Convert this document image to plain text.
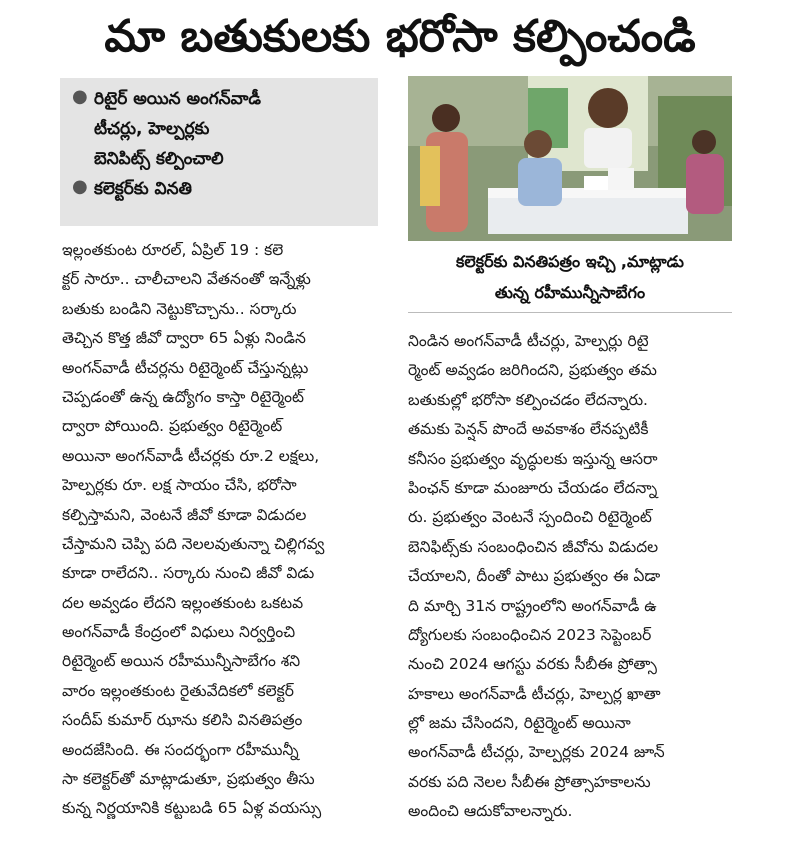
మా బతుకులకు భరోసా కల్పించండి
● రిటైర్ అయిన అంగన్‌వాడీ
టీచర్లు, హెల్పర్లకు
బెనిపిట్స్ కల్పించాలి
● కలెక్టర్‌కు వినతి
కలెక్టర్‌కు వినతిపత్రం ఇచ్చి ,మాట్లాడు
తున్న రహీమున్నీసాబేగం
ఇల్లంతకుంట రూరల్, ఏప్రిల్ 19 : కలె
క్టర్ సారూ.. చాలీచాలని వేతనంతో ఇన్నేళ్లు
బతుకు బండిని నెట్టుకొచ్చాను.. సర్కారు
తెచ్చిన కొత్త జీవో ద్వారా 65 ఏళ్లు నిండిన
అంగన్‌వాడీ టీచర్లను రిటైర్మెంట్ చేస్తున్నట్లు
చెప్పడంతో ఉన్న ఉద్యోగం కాస్తా రిటైర్మెంట్
ద్వారా పోయింది. ప్రభుత్వం రిటైర్మెంట్
అయినా అంగన్‌వాడీ టీచర్లకు రూ.2 లక్షలు,
హెల్పర్లకు రూ. లక్ష సాయం చేసి, భరోసా
కల్పిస్తామని, వెంటనే జీవో కూడా విడుదల
చేస్తామని చెప్పి పది నెలలవుతున్నా చిల్లిగవ్వ
కూడా రాలేదని.. సర్కారు నుంచి జీవో విడు
దల అవ్వడం లేదని ఇల్లంతకుంట ఒకటవ
అంగన్‌వాడీ కేంద్రంలో విధులు నిర్వర్తించి
రిటైర్మెంట్ అయిన రహీమున్నీసాబేగం శని
వారం ఇల్లంతకుంట రైతువేదికలో కలెక్టర్
సందీప్ కుమార్ ఝాను కలిసి వినతిపత్రం
అందజేసింది. ఈ సందర్భంగా రహీమున్నీ
సా కలెక్టర్‌తో మాట్లాడుతూ, ప్రభుత్వం తీసు
కున్న నిర్ణయానికి కట్టుబడి 65 ఏళ్ల వయస్సు
నిండిన అంగన్‌వాడీ టీచర్లు, హెల్పర్లు రిటై
ర్మెంట్ అవ్వడం జరిగిందని, ప్రభుత్వం తమ
బతుకుల్లో భరోసా కల్పించడం లేదన్నారు.
తమకు పెన్షన్ పొందే అవకాశం లేనప్పటికీ
కనీసం ప్రభుత్వం వృద్ధులకు ఇస్తున్న ఆసరా
పింఛన్ కూడా మంజూరు చేయడం లేదన్నా
రు. ప్రభుత్వం వెంటనే స్పందించి రిటైర్మెంట్
బెనిఫిట్స్‌కు సంబంధించిన జీవోను విడుదల
చేయాలని, దీంతో పాటు ప్రభుత్వం ఈ ఏడా
ది మార్చి 31న రాష్ట్రంలోని అంగన్‌వాడీ ఉ
ద్యోగులకు సంబంధించిన 2023 సెప్టెంబర్
నుంచి 2024 ఆగస్టు వరకు సీబీఈ ప్రోత్సా
హకాలు అంగన్‌వాడీ టీచర్లు, హెల్పర్ల ఖాతా
ల్లో జమ చేసిందని, రిటైర్మెంట్ అయినా
అంగన్‌వాడీ టీచర్లు, హెల్పర్లకు 2024 జూన్
వరకు పది నెలల సీబీఈ ప్రోత్సాహకాలను
అందించి ఆదుకోవాలన్నారు.
